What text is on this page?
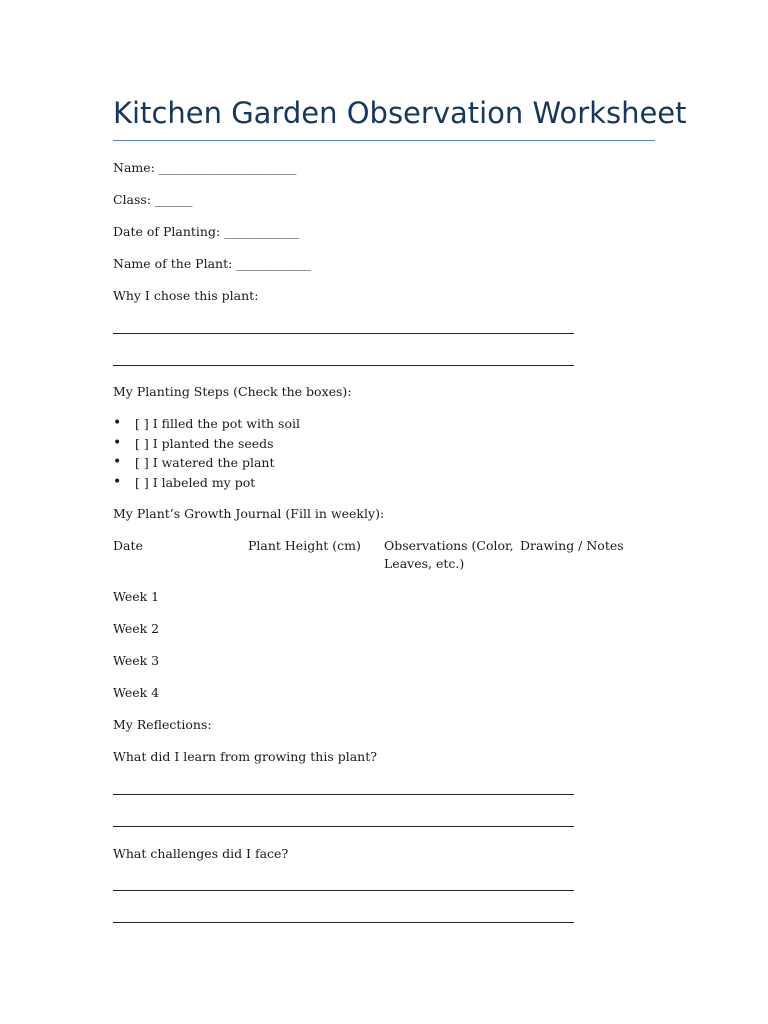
Kitchen Garden Observation Worksheet
Name: ______________________
Class: ______
Date of Planting: ____________
Name of the Plant: ____________
Why I chose this plant:
My Planting Steps (Check the boxes):
• [ ] I filled the pot with soil
• [ ] I planted the seeds
• [ ] I watered the plant
• [ ] I labeled my pot
My Plant’s Growth Journal (Fill in weekly):
Date	Plant Height (cm)	Observations (Color, Leaves, etc.)
Drawing / Notes
Week 1
Week 2
Week 3
Week 4
My Reflections:
What did I learn from growing this plant?
What challenges did I face?
